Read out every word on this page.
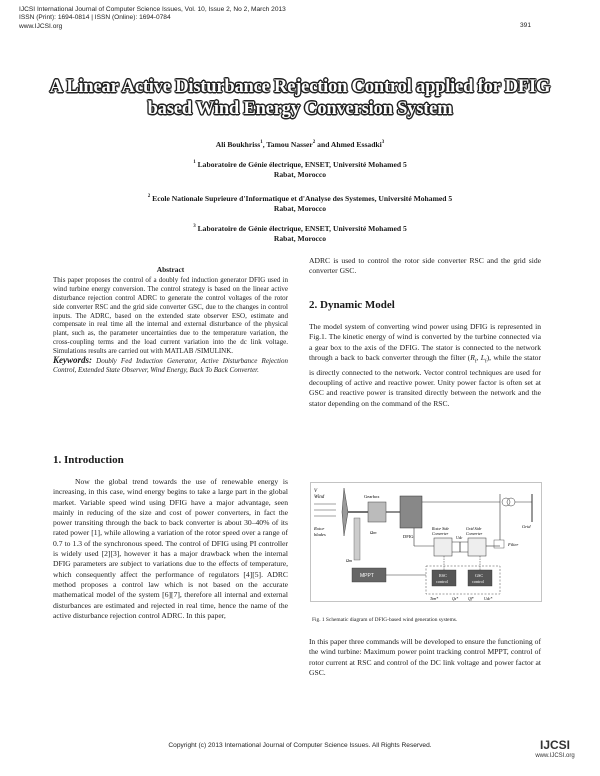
IJCSI International Journal of Computer Science Issues, Vol. 10, Issue 2, No 2, March 2013
ISSN (Print): 1694-0814 | ISSN (Online): 1694-0784
www.IJCSI.org	391
A Linear Active Disturbance Rejection Control applied for DFIG
based Wind Energy Conversion System
Ali Boukhriss$^1$, Tamou Nasser$^2$ and Ahmed Essadki$^3$
$^1$ Laboratoire de Génie électrique, ENSET, Université Mohamed 5
Rabat, Morocco
$^2$ Ecole Nationale Suprieure d'Informatique et d'Analyse des Systemes, Université Mohamed 5
Rabat, Morocco
$^3$ Laboratoire de Génie électrique, ENSET, Université Mohamed 5
Rabat, Morocco
Abstract

This paper proposes the control of a doubly fed induction generator DFIG used in wind turbine energy conversion. The control strategy is based on the linear active disturbance rejection control ADRC to generate the control voltages of the rotor side converter RSC and the grid side converter GSC, due to the changes in control inputs. The ADRC, based on the extended state observer ESO, estimate and compensate in real time all the internal and external disturbance of the physical plant, such as, the parameter uncertainties due to the temperature variation, the cross-coupling terms and the load current variation into the dc link voltage. Simulations results are carried out with MATLAB /SIMULINK.

Keywords: Doubly Fed Induction Generator, Active Disturbance Rejection Control, Extended State Observer, Wind Energy, Back To Back Converter.

1. Introduction

Now the global trend towards the use of renewable energy is increasing, in this case, wind energy begins to take a large part in the global market. Variable speed wind using DFIG have a major advantage, seen mainly in reducing of the size and cost of power converters, in fact the power transiting through the back to back converter is about 30–40% of its rated power [1], while allowing a variation of the rotor speed over a range of 0.7 to 1.3 of the synchronous speed. The control of DFIG using PI controller is widely used [2][3], however it has a major drawback when the internal DFIG parameters are subject to variations due to the effects of temperature, which consequently affect the performance of regulators [4][5]. ADRC method proposes a control law which is not based on the accurate mathematical model of the system [6][7], therefore all internal and external disturbances are estimated and rejected in real time, hence the name of the active disturbance rejection control ADRC. In this paper,

ADRC is used to control the rotor side converter RSC and the grid side converter GSC.

2. Dynamic Model

The model system of converting wind power using DFIG is represented in Fig.1. The kinetic energy of wind is converted by the turbine connected via a gear box to the axis of the DFIG. The stator is connected to the network through a back to back converter through the filter ($R_f$, $L_f$), while the stator is directly connected to the network. Vector control techniques are used for decoupling of active and reactive power. Unity power factor is often set at GSC and reactive power is transited directly between the network and the stator depending on the command of the RSC.

V
Wind
Rotor
blades
Gearbox
DFIG
Ωm
Grid
Udc
Rotor Side
Converter
Grid Side
Converter
Filter
RSC
control
GSC
control
MPPT
Ωm
Tem*	Qs*	Qf*	Udc*
Fig. 1 Schematic diagram of DFIG-based wind generation systems.

In this paper three commands will be developed to ensure the functioning of the wind turbine: Maximum power point tracking control MPPT, control of rotor current at RSC and control of the DC link voltage and power factor at GSC.

Copyright (c) 2013 International Journal of Computer Science Issues. All Rights Reserved.	IJCSI
www.IJCSI.org
